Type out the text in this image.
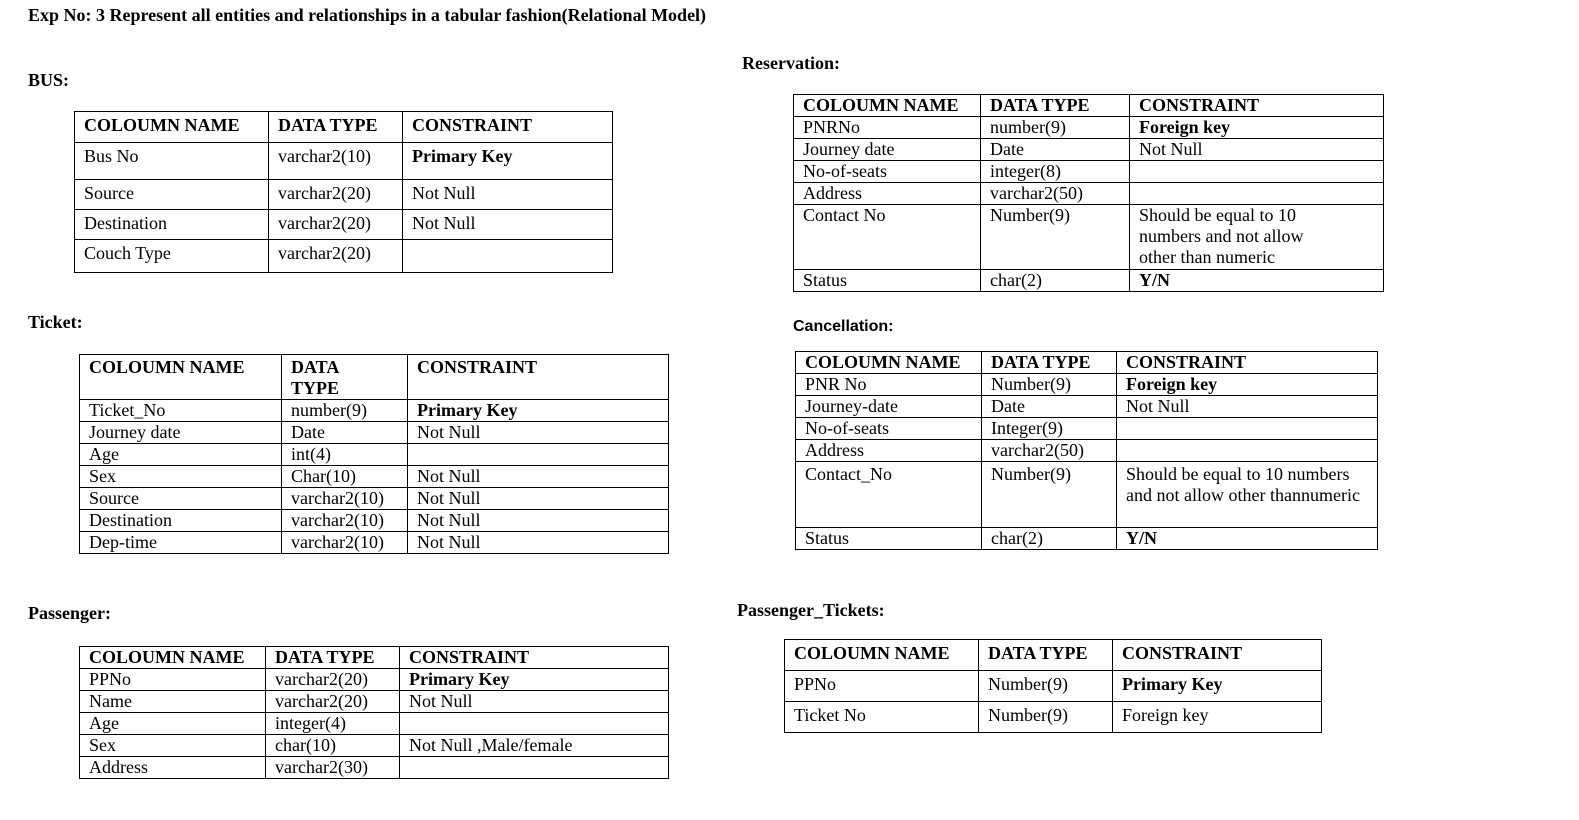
Exp No: 3 Represent all entities and relationships in a tabular fashion(Relational Model)
BUS:
COLOUMN NAME	DATA TYPE	CONSTRAINT
Bus No	varchar2(10)	Primary Key
Source	varchar2(20)	Not Null
Destination	varchar2(20)	Not Null
Couch Type	varchar2(20)	
Ticket:
COLOUMN NAME	DATA TYPE	CONSTRAINT
Ticket_No	number(9)	Primary Key
Journey date	Date	Not Null
Age	int(4)	
Sex	Char(10)	Not Null
Source	varchar2(10)	Not Null
Destination	varchar2(10)	Not Null
Dep-time	varchar2(10)	Not Null
Passenger:
COLOUMN NAME	DATA TYPE	CONSTRAINT
PPNo	varchar2(20)	Primary Key
Name	varchar2(20)	Not Null
Age	integer(4)	
Sex	char(10)	Not Null ,Male/female
Address	varchar2(30)	
Reservation:
COLOUMN NAME	DATA TYPE	CONSTRAINT
PNRNo	number(9)	Foreign key
Journey date	Date	Not Null
No-of-seats	integer(8)	
Address	varchar2(50)	
Contact No	Number(9)	Should be equal to 10 numbers and not allow other than numeric
Status	char(2)	Y/N
Cancellation:
COLOUMN NAME	DATA TYPE	CONSTRAINT
PNR No	Number(9)	Foreign key
Journey-date	Date	Not Null
No-of-seats	Integer(9)	
Address	varchar2(50)	
Contact_No	Number(9)	Should be equal to 10 numbers and not allow other thannumeric
Status	char(2)	Y/N
Passenger_Tickets:
COLOUMN NAME	DATA TYPE	CONSTRAINT
PPNo	Number(9)	Primary Key
Ticket No	Number(9)	Foreign key
